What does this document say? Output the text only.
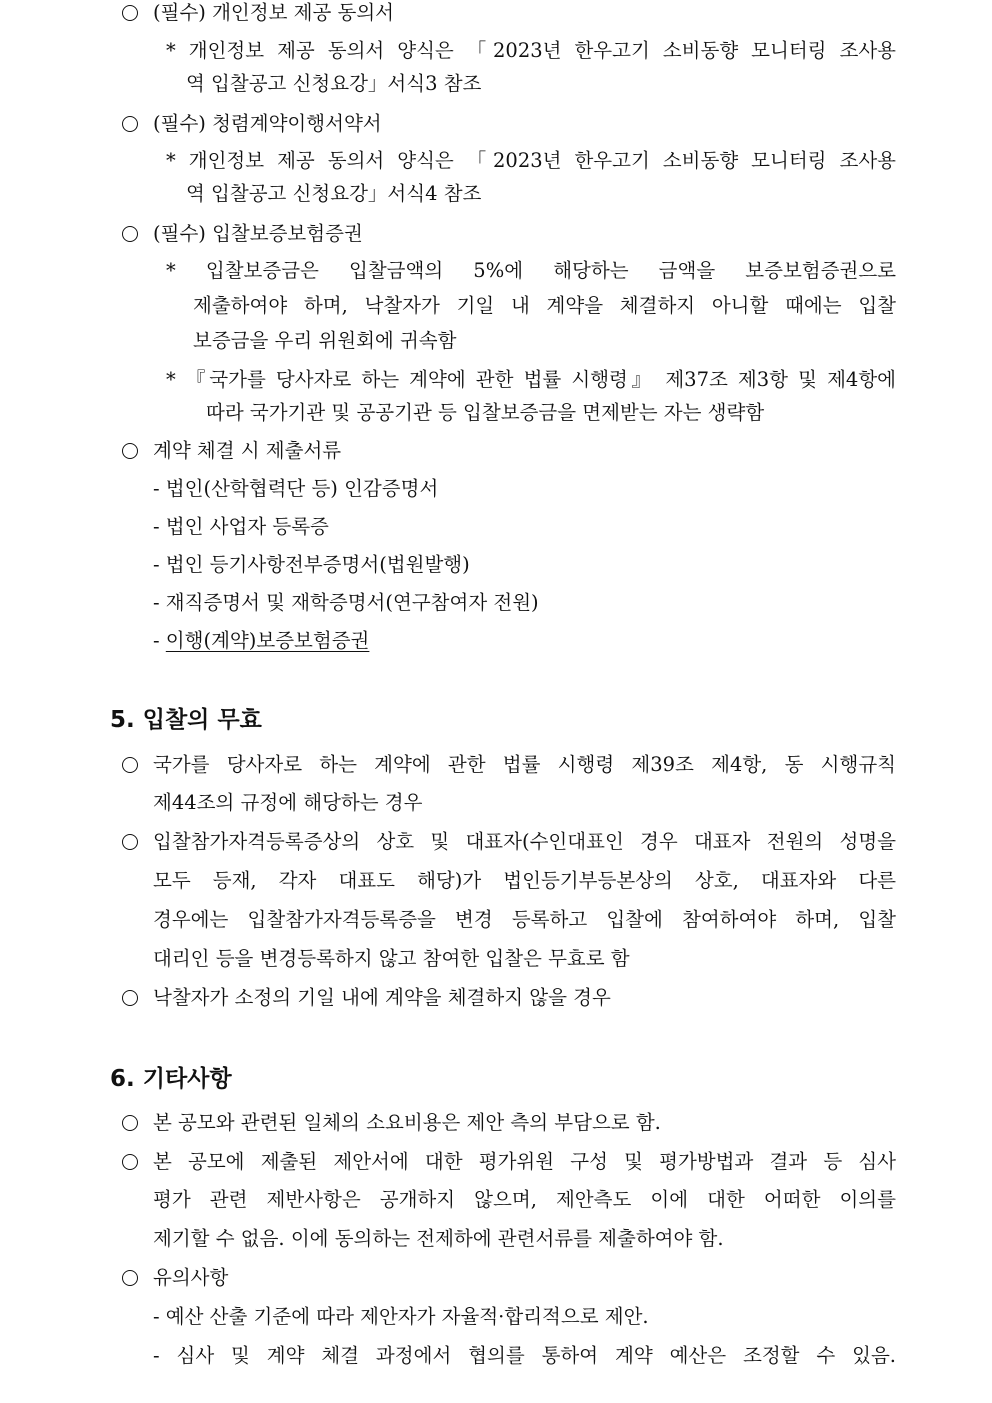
(필수) 개인정보 제공 동의서
* 개인정보 제공 동의서 양식은 「2023년 한우고기 소비동향 모니터링 조사용
역 입찰공고 신청요강」서식3 참조
(필수) 청렴계약이행서약서
* 개인정보 제공 동의서 양식은 「2023년 한우고기 소비동향 모니터링 조사용
역 입찰공고 신청요강」서식4 참조
(필수) 입찰보증보험증권
* 입찰보증금은 입찰금액의 5%에 해당하는 금액을 보증보험증권으로
제출하여야 하며, 낙찰자가 기일 내 계약을 체결하지 아니할 때에는 입찰
보증금을 우리 위원회에 귀속함
* 『국가를 당사자로 하는 계약에 관한 법률 시행령』 제37조 제3항 및 제4항에
따라 국가기관 및 공공기관 등 입찰보증금을 면제받는 자는 생략함
계약 체결 시 제출서류
- 법인(산학협력단 등) 인감증명서
- 법인 사업자 등록증
- 법인 등기사항전부증명서(법원발행)
- 재직증명서 및 재학증명서(연구참여자 전원)
- 이행(계약)보증보험증권
5. 입찰의 무효
국가를 당사자로 하는 계약에 관한 법률 시행령 제39조 제4항, 동 시행규칙
제44조의 규정에 해당하는 경우
입찰참가자격등록증상의 상호 및 대표자(수인대표인 경우 대표자 전원의 성명을
모두 등재, 각자 대표도 해당)가 법인등기부등본상의 상호, 대표자와 다른
경우에는 입찰참가자격등록증을 변경 등록하고 입찰에 참여하여야 하며, 입찰
대리인 등을 변경등록하지 않고 참여한 입찰은 무효로 함
낙찰자가 소정의 기일 내에 계약을 체결하지 않을 경우
6. 기타사항
본 공모와 관련된 일체의 소요비용은 제안 측의 부담으로 함.
본 공모에 제출된 제안서에 대한 평가위원 구성 및 평가방법과 결과 등 심사
평가 관련 제반사항은 공개하지 않으며, 제안측도 이에 대한 어떠한 이의를
제기할 수 없음. 이에 동의하는 전제하에 관련서류를 제출하여야 함.
유의사항
- 예산 산출 기준에 따라 제안자가 자율적·합리적으로 제안.
- 심사 및 계약 체결 과정에서 협의를 통하여 계약 예산은 조정할 수 있음.
